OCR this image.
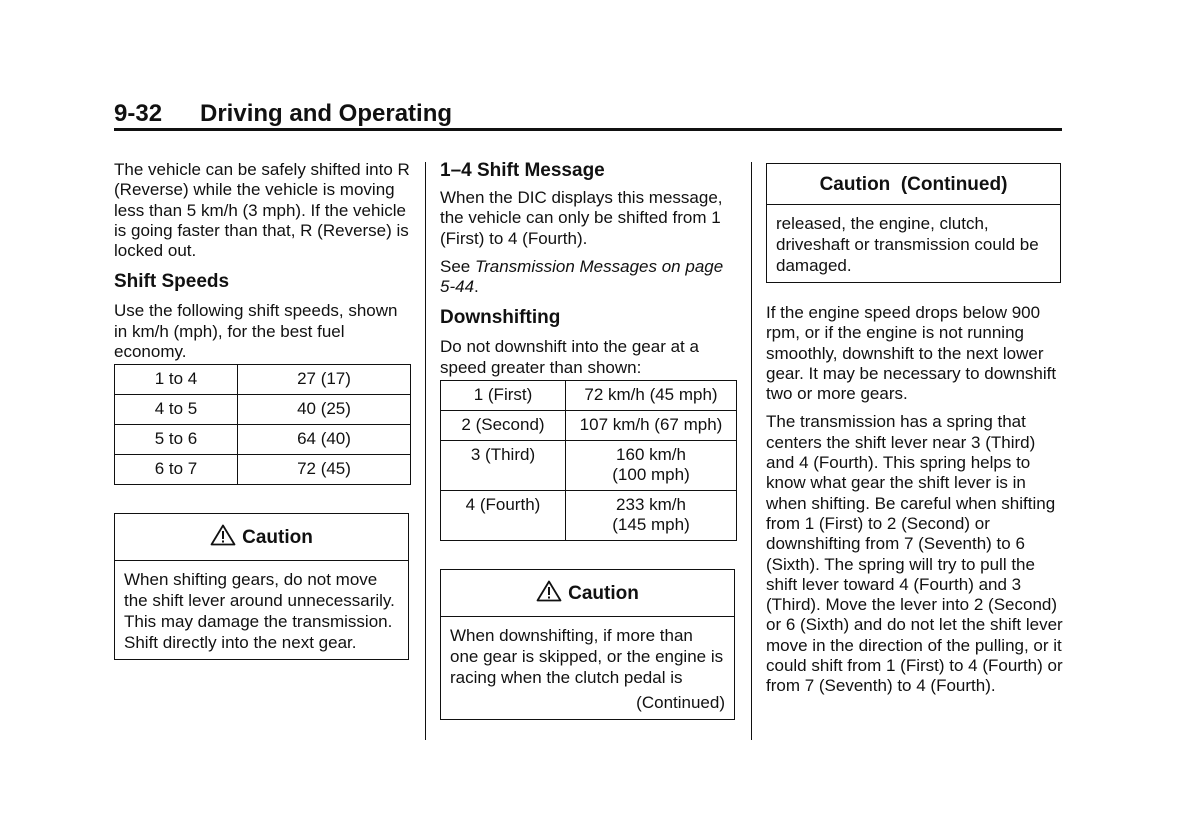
9-32 Driving and Operating

The vehicle can be safely shifted into R (Reverse) while the vehicle is moving less than 5 km/h (3 mph). If the vehicle is going faster than that, R (Reverse) is locked out.

Shift Speeds

Use the following shift speeds, shown in km/h (mph), for the best fuel economy.

1 to 4	27 (17)
4 to 5	40 (25)
5 to 6	64 (40)
6 to 7	72 (45)
Caution

When shifting gears, do not move the shift lever around unnecessarily. This may damage the transmission. Shift directly into the next gear.

1–4 Shift Message

When the DIC displays this message, the vehicle can only be shifted from 1 (First) to 4 (Fourth).

See Transmission Messages on page 5-44.

Downshifting

Do not downshift into the gear at a speed greater than shown:

1 (First)	72 km/h (45 mph)
2 (Second)	107 km/h (67 mph)
3 (Third)	160 km/h
(100 mph)
4 (Fourth)	233 km/h
(145 mph)
Caution

When downshifting, if more than one gear is skipped, or the engine is racing when the clutch pedal is

(Continued)

Caution  (Continued)

released, the engine, clutch, driveshaft or transmission could be damaged.

If the engine speed drops below 900 rpm, or if the engine is not running smoothly, downshift to the next lower gear. It may be necessary to downshift two or more gears.

The transmission has a spring that centers the shift lever near 3 (Third) and 4 (Fourth). This spring helps to know what gear the shift lever is in when shifting. Be careful when shifting from 1 (First) to 2 (Second) or downshifting from 7 (Seventh) to 6 (Sixth). The spring will try to pull the shift lever toward 4 (Fourth) and 3 (Third). Move the lever into 2 (Second) or 6 (Sixth) and do not let the shift lever move in the direction of the pulling, or it could shift from 1 (First) to 4 (Fourth) or from 7 (Seventh) to 4 (Fourth).
